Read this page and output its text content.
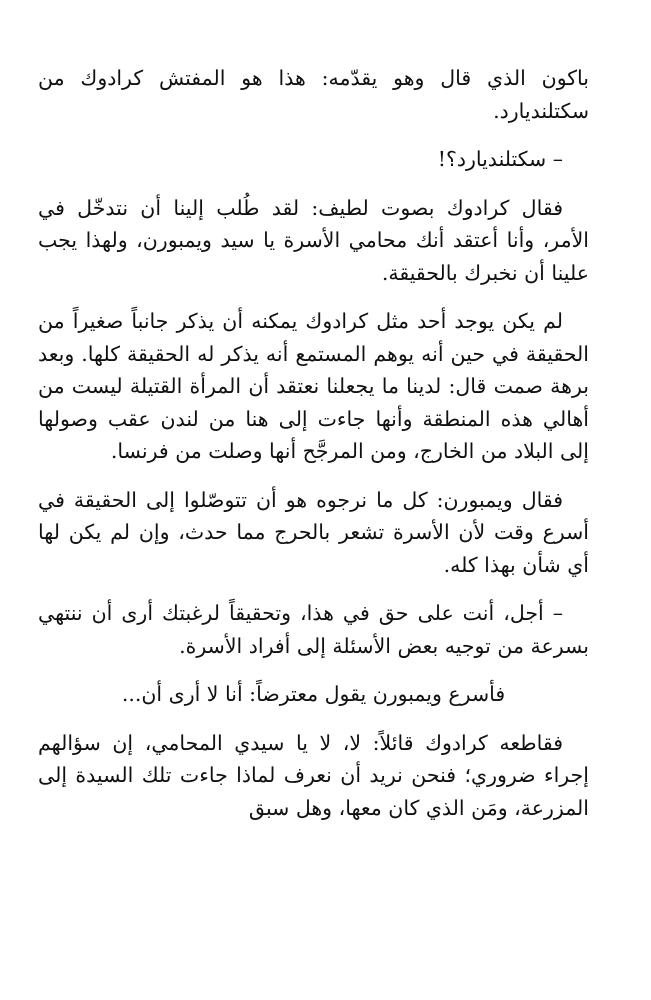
باكون الذي قال وهو يقدّمه: هذا هو المفتش كرادوك من سكتلنديارد.

– سكتلنديارد؟!

فقال كرادوك بصوت لطيف: لقد طُلب إلينا أن نتدخّل في الأمر، وأنا أعتقد أنك محامي الأسرة يا سيد ويمبورن، ولهذا يجب علينا أن نخبرك بالحقيقة.

لم يكن يوجد أحد مثل كرادوك يمكنه أن يذكر جانباً صغيراً من الحقيقة في حين أنه يوهم المستمع أنه يذكر له الحقيقة كلها. وبعد برهة صمت قال: لدينا ما يجعلنا نعتقد أن المرأة القتيلة ليست من أهالي هذه المنطقة وأنها جاءت إلى هنا من لندن عقب وصولها إلى البلاد من الخارج، ومن المرجَّح أنها وصلت من فرنسا.

فقال ويمبورن: كل ما نرجوه هو أن تتوصّلوا إلى الحقيقة في أسرع وقت لأن الأسرة تشعر بالحرج مما حدث، وإن لم يكن لها أي شأن بهذا كله.

– أجل، أنت على حق في هذا، وتحقيقاً لرغبتك أرى أن ننتهي بسرعة من توجيه بعض الأسئلة إلى أفراد الأسرة.

فأسرع ويمبورن يقول معترضاً: أنا لا أرى أن...

فقاطعه كرادوك قائلاً: لا، لا يا سيدي المحامي، إن سؤالهم إجراء ضروري؛ فنحن نريد أن نعرف لماذا جاءت تلك السيدة إلى المزرعة، ومَن الذي كان معها، وهل سبق
